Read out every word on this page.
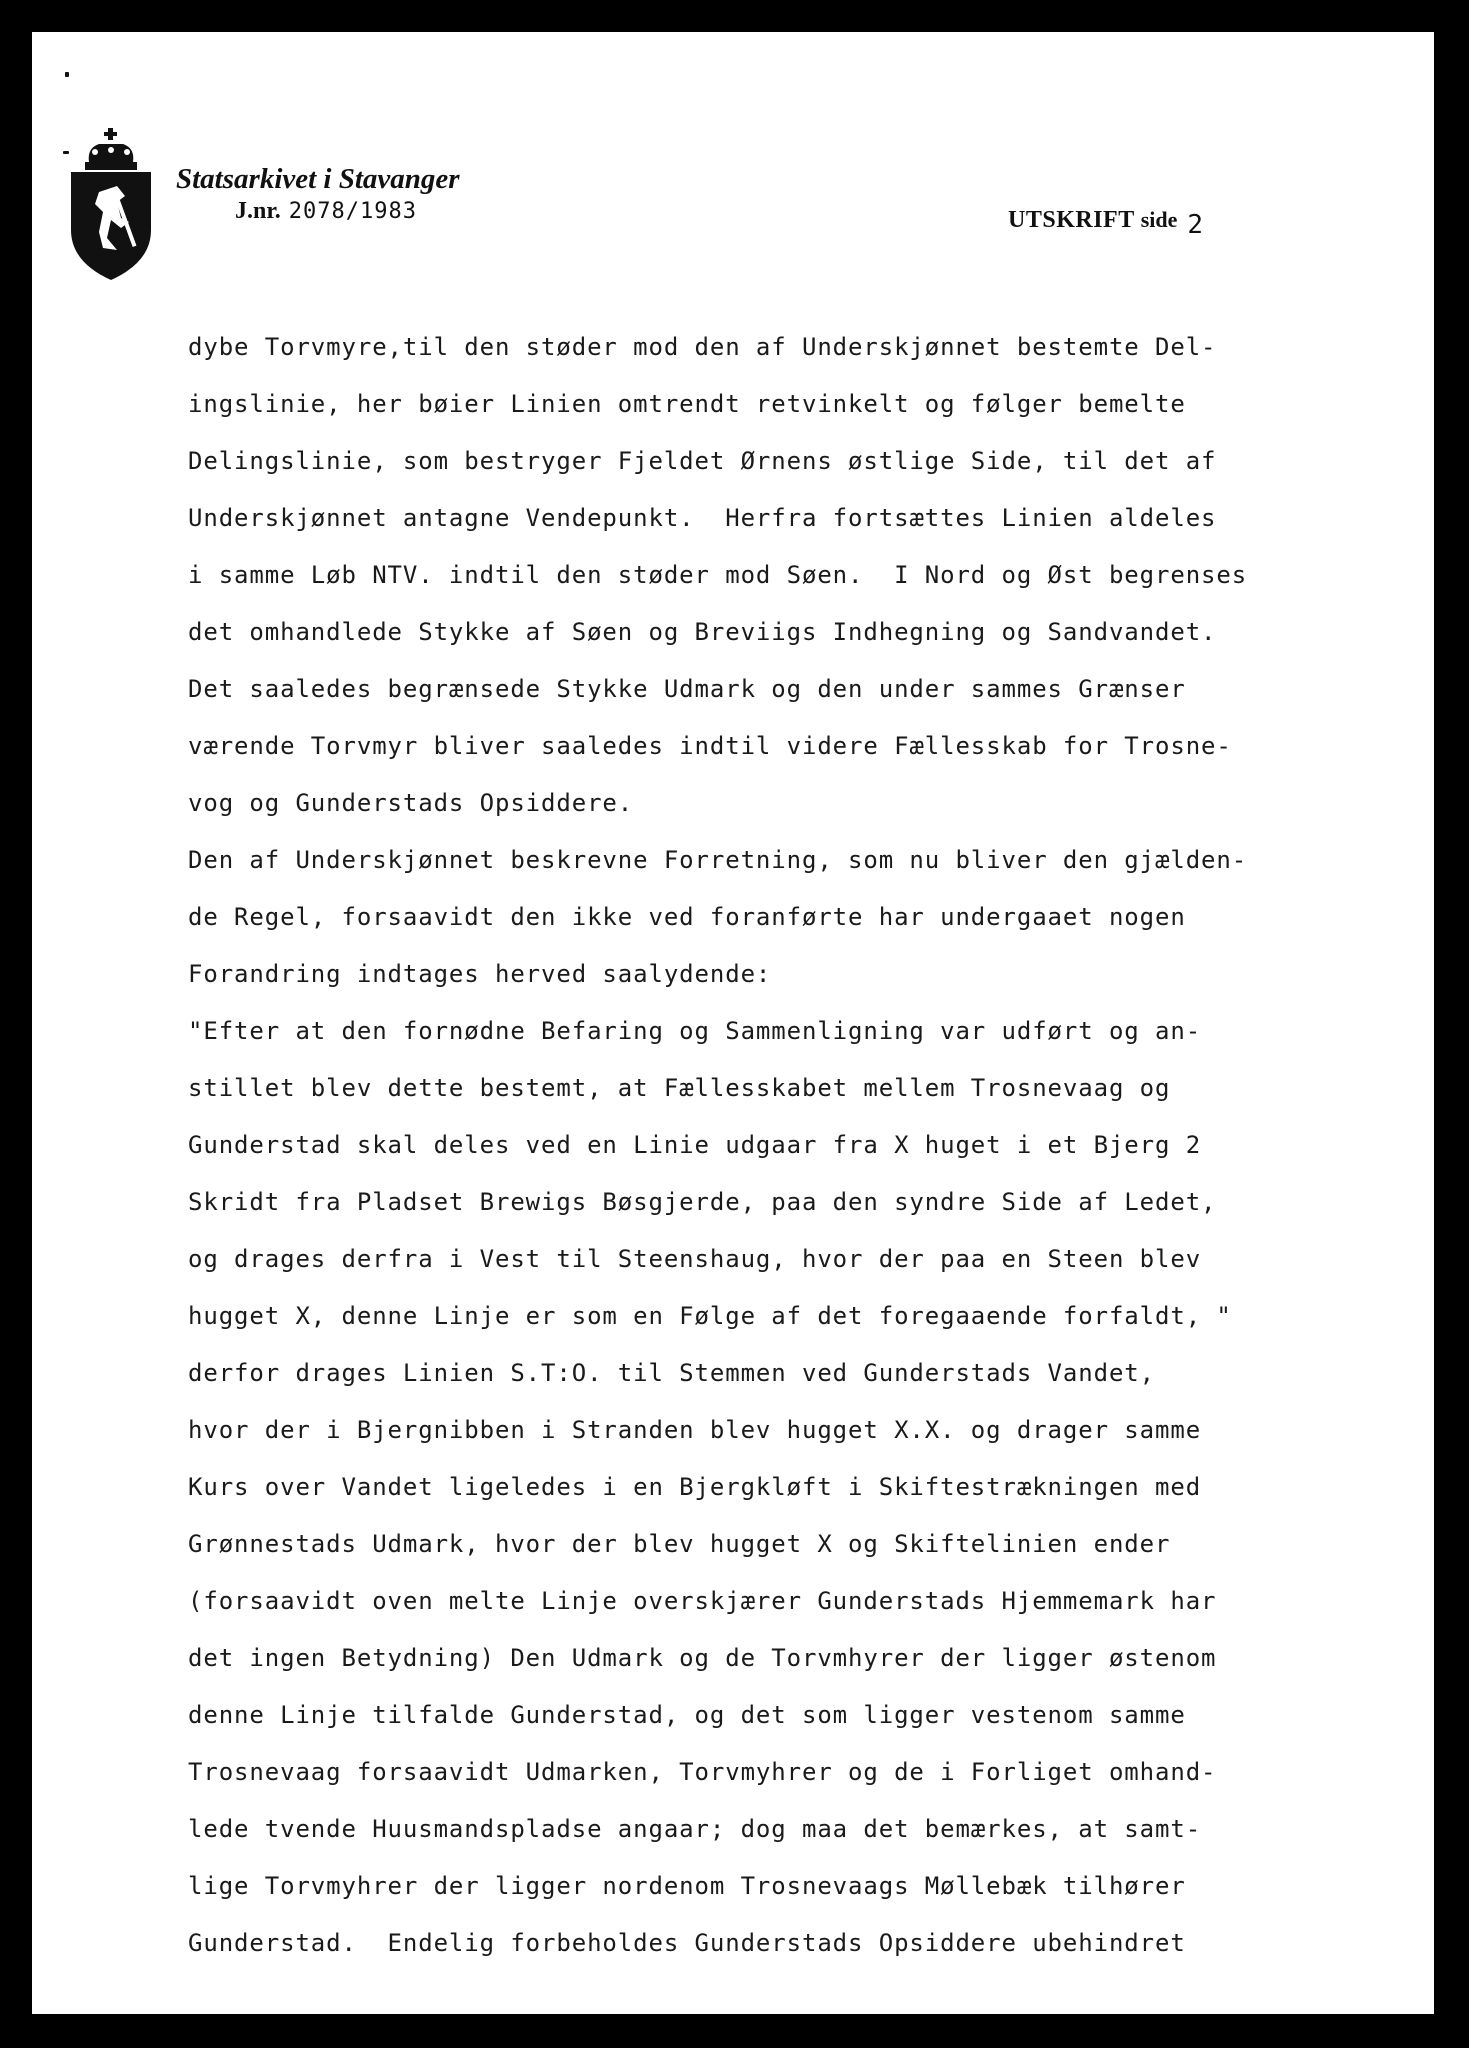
Statsarkivet i Stavanger
J.nr. 2078/1983	UTSKRIFT side 2
dybe Torvmyre,til den støder mod den af Underskjønnet bestemte Del-
ingslinie, her bøier Linien omtrendt retvinkelt og følger bemelte
Delingslinie, som bestryger Fjeldet Ørnens østlige Side, til det af
Underskjønnet antagne Vendepunkt.  Herfra fortsættes Linien aldeles
i samme Løb NTV. indtil den støder mod Søen.  I Nord og Øst begrenses
det omhandlede Stykke af Søen og Breviigs Indhegning og Sandvandet.
Det saaledes begrænsede Stykke Udmark og den under sammes Grænser
værende Torvmyr bliver saaledes indtil videre Fællesskab for Trosne-
vog og Gunderstads Opsiddere.
Den af Underskjønnet beskrevne Forretning, som nu bliver den gjælden-
de Regel, forsaavidt den ikke ved foranførte har undergaaet nogen
Forandring indtages herved saalydende:
"Efter at den fornødne Befaring og Sammenligning var udført og an-
stillet blev dette bestemt, at Fællesskabet mellem Trosnevaag og
Gunderstad skal deles ved en Linie udgaar fra X huget i et Bjerg 2
Skridt fra Pladset Brewigs Bøsgjerde, paa den syndre Side af Ledet,
og drages derfra i Vest til Steenshaug, hvor der paa en Steen blev
hugget X, denne Linje er som en Følge af det foregaaende forfaldt, "
derfor drages Linien S.T:O. til Stemmen ved Gunderstads Vandet,
hvor der i Bjergnibben i Stranden blev hugget X.X. og drager samme
Kurs over Vandet ligeledes i en Bjergkløft i Skiftestrækningen med
Grønnestads Udmark, hvor der blev hugget X og Skiftelinien ender
(forsaavidt oven melte Linje overskjærer Gunderstads Hjemmemark har
det ingen Betydning) Den Udmark og de Torvmhyrer der ligger østenom
denne Linje tilfalde Gunderstad, og det som ligger vestenom samme
Trosnevaag forsaavidt Udmarken, Torvmyhrer og de i Forliget omhand-
lede tvende Huusmandspladse angaar; dog maa det bemærkes, at samt-
lige Torvmyhrer der ligger nordenom Trosnevaags Møllebæk tilhører
Gunderstad.  Endelig forbeholdes Gunderstads Opsiddere ubehindret
